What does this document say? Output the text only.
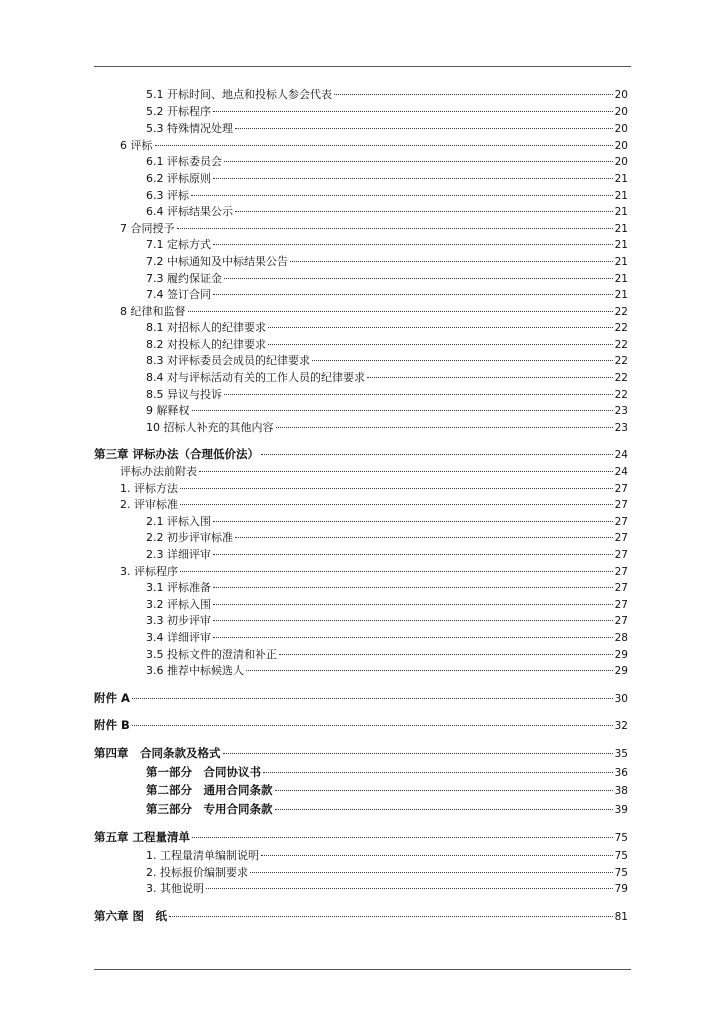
5.1 开标时间、地点和投标人参会代表	20
5.2 开标程序	20
5.3 特殊情况处理	20
6 评标	20
6.1 评标委员会	20
6.2 评标原则	21
6.3 评标	21
6.4 评标结果公示	21
7 合同授予	21
7.1 定标方式	21
7.2 中标通知及中标结果公告	21
7.3 履约保证金	21
7.4 签订合同	21
8 纪律和监督	22
8.1 对招标人的纪律要求	22
8.2 对投标人的纪律要求	22
8.3 对评标委员会成员的纪律要求	22
8.4 对与评标活动有关的工作人员的纪律要求	22
8.5 异议与投诉	22
9 解释权	23
10 招标人补充的其他内容	23
第三章 评标办法（合理低价法）	24
评标办法前附表	24
1. 评标方法	27
2. 评审标准	27
2.1 评标入围	27
2.2 初步评审标准	27
2.3 详细评审	27
3. 评标程序	27
3.1 评标准备	27
3.2 评标入围	27
3.3 初步评审	27
3.4 详细评审	28
3.5 投标文件的澄清和补正	29
3.6 推荐中标候选人	29
附件 A	30
附件 B	32
第四章　合同条款及格式	35
第一部分　合同协议书	36
第二部分　通用合同条款	38
第三部分　专用合同条款	39
第五章 工程量清单	75
1. 工程量清单编制说明	75
2. 投标报价编制要求	75
3. 其他说明	79
第六章 图　纸	81
